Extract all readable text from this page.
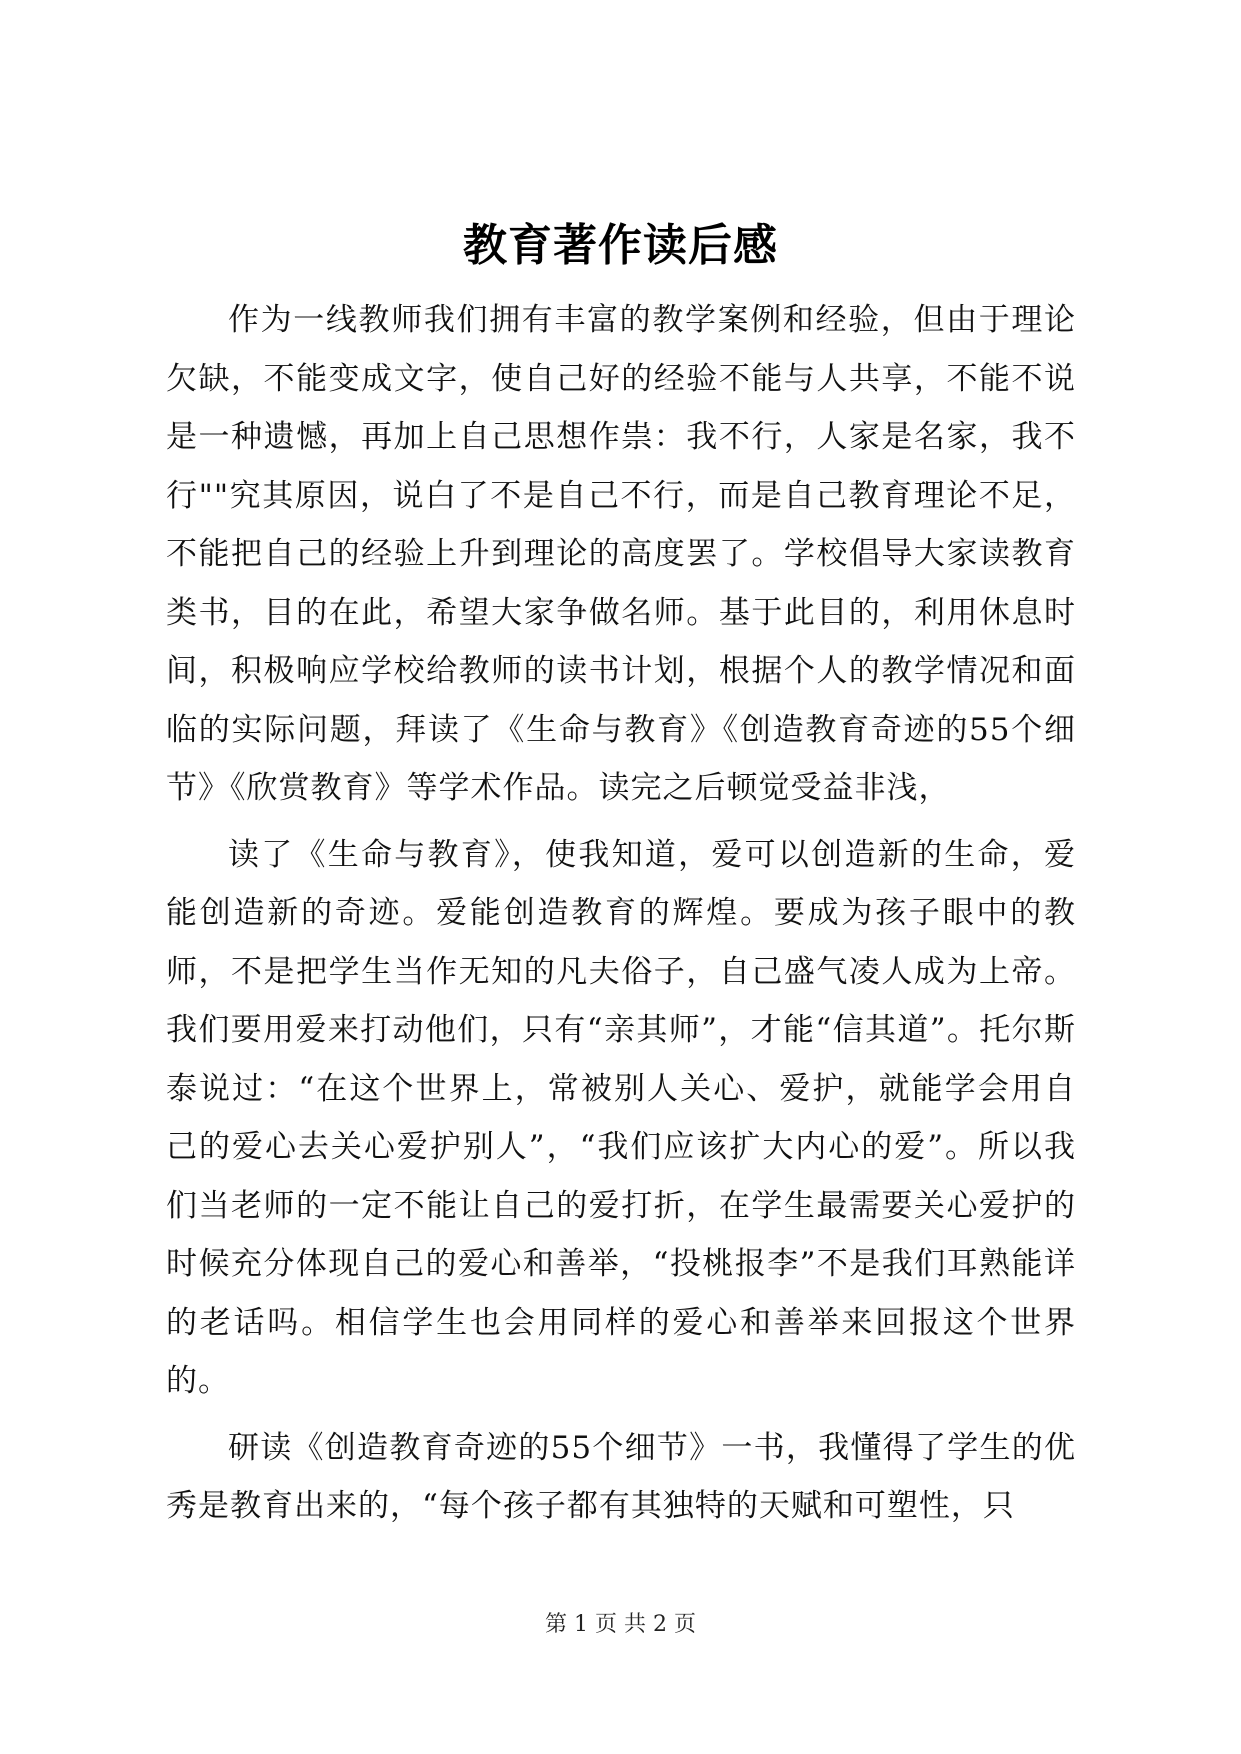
教育著作读后感

作为一线教师我们拥有丰富的教学案例和经验，但由于理论欠缺，不能变成文字，使自己好的经验不能与人共享，不能不说是一种遗憾，再加上自己思想作祟：我不行，人家是名家，我不行""究其原因，说白了不是自己不行，而是自己教育理论不足，不能把自己的经验上升到理论的高度罢了。学校倡导大家读教育类书，目的在此，希望大家争做名师。基于此目的，利用休息时间，积极响应学校给教师的读书计划，根据个人的教学情况和面临的实际问题，拜读了《生命与教育》《创造教育奇迹的55个细节》《欣赏教育》等学术作品。读完之后顿觉受益非浅，

读了《生命与教育》，使我知道，爱可以创造新的生命，爱能创造新的奇迹。爱能创造教育的辉煌。要成为孩子眼中的教师，不是把学生当作无知的凡夫俗子，自己盛气凌人成为上帝。我们要用爱来打动他们，只有“亲其师”，才能“信其道”。托尔斯泰说过：“在这个世界上，常被别人关心、爱护，就能学会用自己的爱心去关心爱护别人”，“我们应该扩大内心的爱”。所以我们当老师的一定不能让自己的爱打折，在学生最需要关心爱护的时候充分体现自己的爱心和善举，“投桃报李”不是我们耳熟能详的老话吗。相信学生也会用同样的爱心和善举来回报这个世界的。

研读《创造教育奇迹的55个细节》一书，我懂得了学生的优秀是教育出来的，“每个孩子都有其独特的天赋和可塑性，只

第 1 页 共 2 页
